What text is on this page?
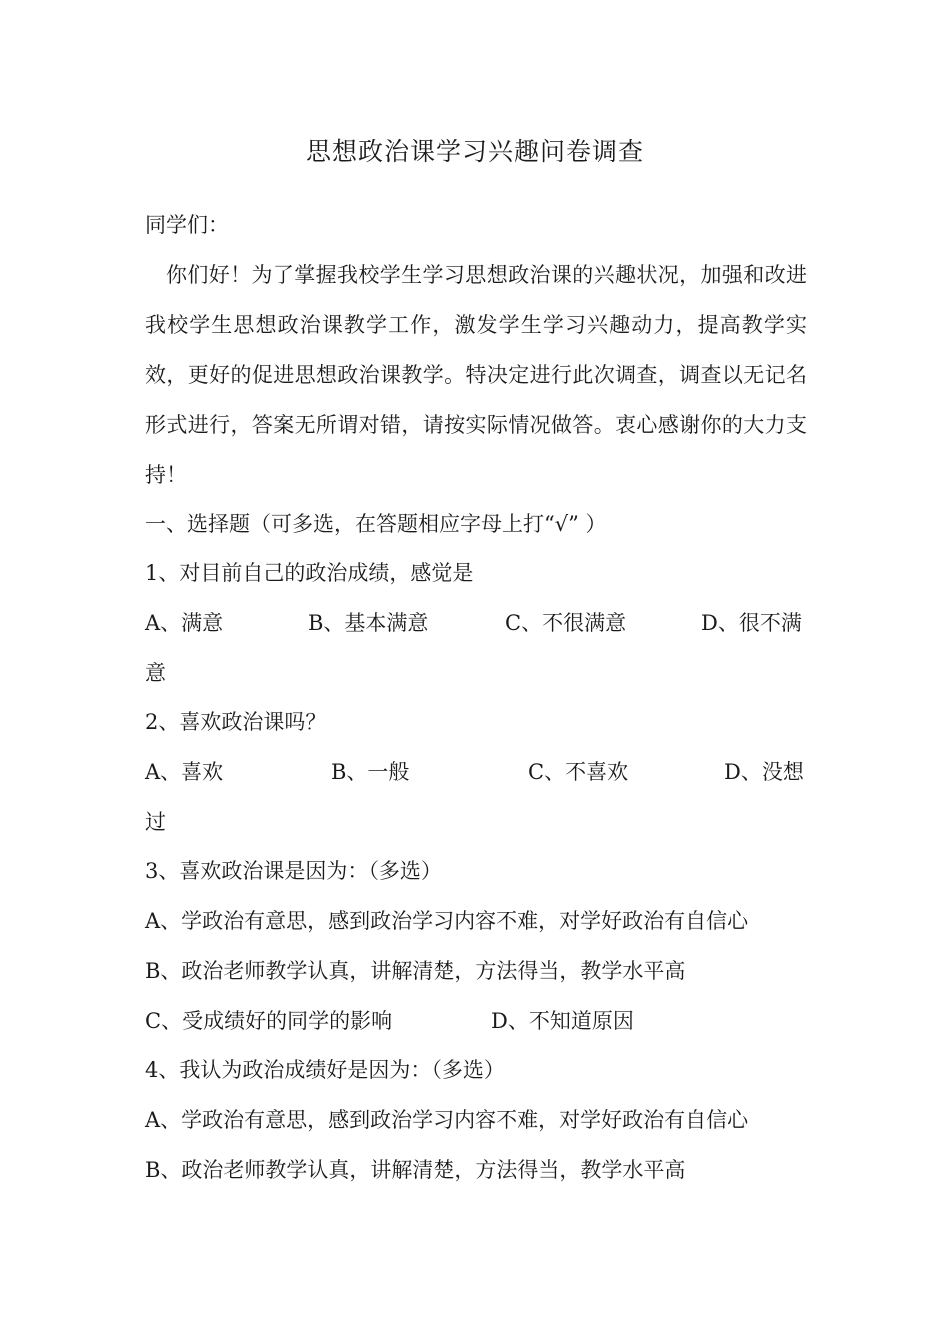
思想政治课学习兴趣问卷调查
同学们：
你们好！为了掌握我校学生学习思想政治课的兴趣状况，加强和改进我校学生思想政治课教学工作，激发学生学习兴趣动力，提高教学实效，更好的促进思想政治课教学。特决定进行此次调查，调查以无记名形式进行，答案无所谓对错，请按实际情况做答。衷心感谢你的大力支持！
一、选择题（可多选，在答题相应字母上打“√” ）
1、对目前自己的政治成绩，感觉是
A、满意	B、基本满意	C、不很满意	D、很不满
意
2、喜欢政治课吗？
A、喜欢	B、一般	C、不喜欢	D、没想
过
3、喜欢政治课是因为：（多选）
A、学政治有意思，感到政治学习内容不难，对学好政治有自信心
B、政治老师教学认真，讲解清楚，方法得当，教学水平高
C、受成绩好的同学的影响	D、不知道原因
4、我认为政治成绩好是因为：（多选）
A、学政治有意思，感到政治学习内容不难，对学好政治有自信心
B、政治老师教学认真，讲解清楚，方法得当，教学水平高
